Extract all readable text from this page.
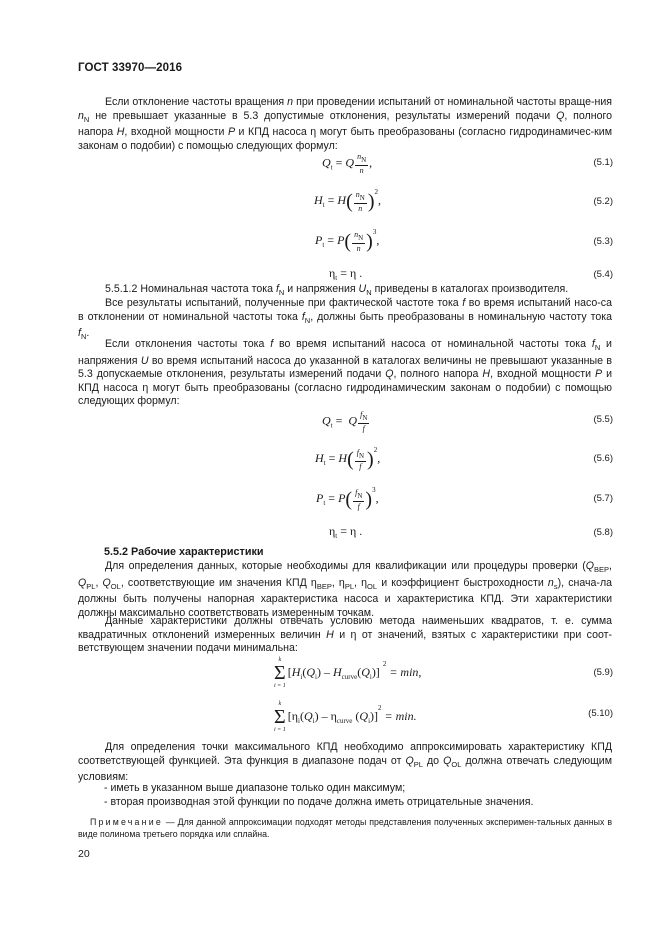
ГОСТ 33970—2016

Если отклонение частоты вращения n при проведении испытаний от номинальной частоты враще-ния $n_N$ не превышает указанные в 5.3 допустимые отклонения, результаты измерений подачи Q, полного напора H, входной мощности P и КПД насоса η могут быть преобразованы (согласно гидродинамичес-ким законам о подобии) с помощью следующих формул:

$Q_t = Q \frac{nN}{n}$ ,	(5.1)
$H_t = H( \frac{nN}{n} )^2$,	(5.2)
$P_t = P( \frac{nN}{n} )^3$,	(5.3)
$\eta_t = \eta$ .	(5.4)

5.5.1.2 Номинальная частота тока $f_N$ и напряжения $U_N$ приведены в каталогах производителя.

Все результаты испытаний, полученные при фактической частоте тока f во время испытаний насо-са в отклонении от номинальной частоты тока $f_N$, должны быть преобразованы в номинальную частоту тока $f_N$.

Если отклонения частоты тока f во время испытаний насоса от номинальной частоты тока $f_N$ и напряжения U во время испытаний насоса до указанной в каталогах величины не превышают указанные в 5.3 допускаемые отклонения, результаты измерений подачи Q, полного напора H, входной мощности P и КПД насоса η могут быть преобразованы (согласно гидродинамическим законам о подобии) с помощью следующих формул:

$Q_t = Q \frac{fN}{f}$	(5.5)
$H_t = H( \frac{fN}{f} )^2$,	(5.6)
$P_t = P( \frac{fN}{f} )^3$,	(5.7)
$\eta_t = \eta$ .	(5.8)
5.5.2 Рабочие характеристики

Для определения данных, которые необходимы для квалификации или процедуры проверки ($Q_{BEP}$, $Q_{PL}$, $Q_{OL}$, соответствующие им значения КПД $\eta_{BEP}$, $\eta_{PL}$, $\eta_{OL}$ и коэффициент быстроходности $n_s$), снача-ла должны быть получены напорная характеристика насоса и характеристика КПД. Эти характеристики должны максимально соответствовать измеренным точкам.

Данные характеристики должны отвечать условию метода наименьших квадратов, т. е. сумма квадратичных отклонений измеренных величин H и η от значений, взятых с характеристики при соот-ветствующем значении подачи минимальна:

k
Σ
i = 1
$[H_i(Q_i) - H_{curve}(Q_i)] ^2 = \min$,	(5.9)
k
Σ
i = 1
[$\eta_i(Q_i) - \eta_{curve}$ $(Q_i)]^2 = \min$.	(5.10)

Для определения точки максимального КПД необходимо аппроксимировать характеристику КПД соответствующей функцией. Эта функция в диапазоне подач от $Q_{PL}$ до $Q_{OL}$ должна отвечать следующим условиям:

- иметь в указанном выше диапазоне только один максимум;
- вторая производная этой функции по подаче должна иметь отрицательные значения.
Примечание — Для данной аппроксимации подходят методы представления полученных эксперимен-тальных данных в виде полинома третьего порядка или сплайна.
20
